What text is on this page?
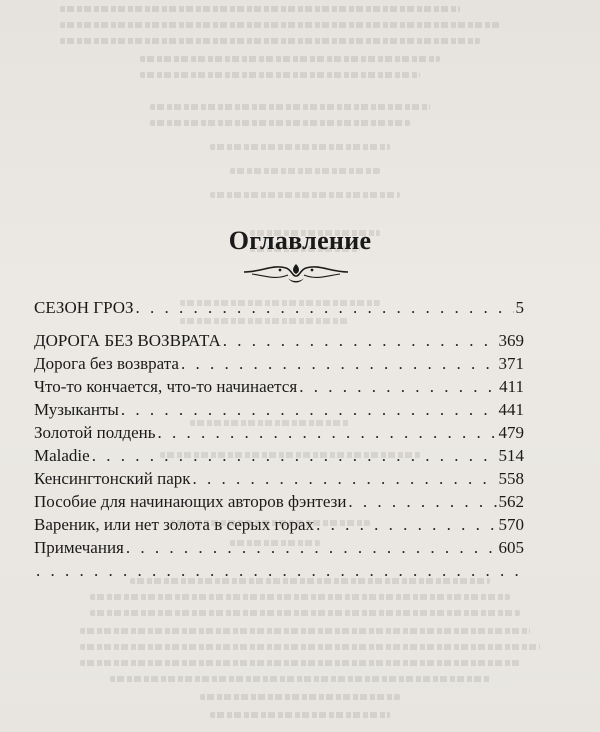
Оглавление
СЕЗОН ГРОЗ . . .	5
ДОРОГА БЕЗ ВОЗВРАТА . . .	369
Дорога без возврата . . .	371
Что-то кончается, что-то начинается . . .	411
Музыканты . . .	441
Золотой полдень . . .	479
Maladie . . .	514
Кенсингтонский парк . . .	558
Пособие для начинающих авторов фэнтези . . .	562
Вареник, или нет золота в серых горах . . .	570
Примечания . . .	605
. . .
